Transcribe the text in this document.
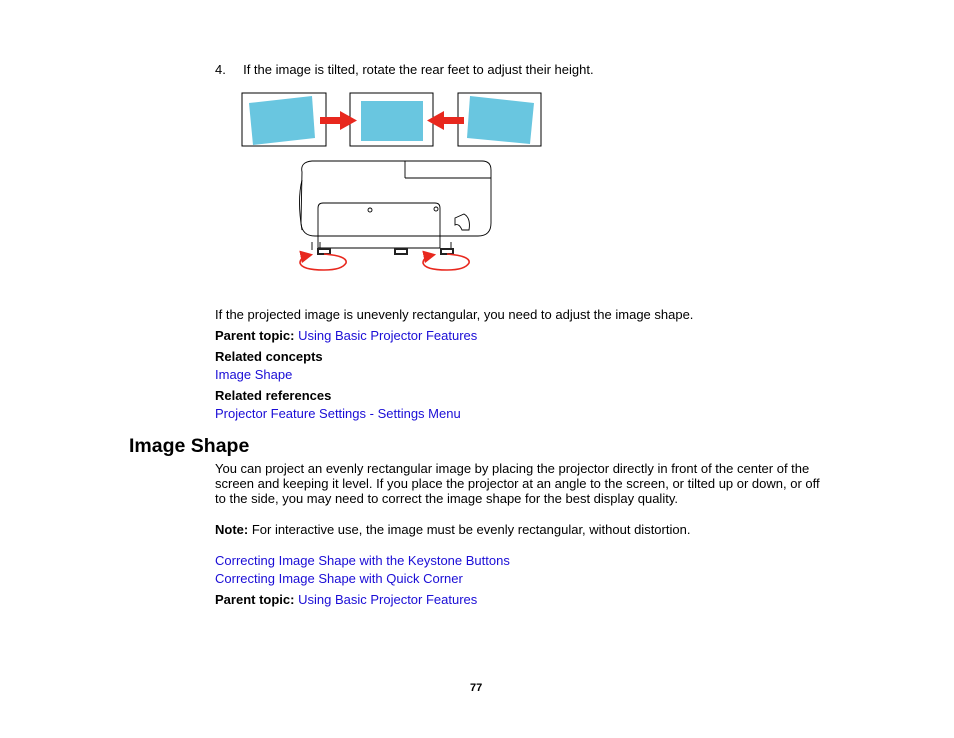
4. If the image is tilted, rotate the rear feet to adjust their height.
If the projected image is unevenly rectangular, you need to adjust the image shape.
Parent topic: Using Basic Projector Features
Related concepts
Image Shape
Related references
Projector Feature Settings - Settings Menu
Image Shape
You can project an evenly rectangular image by placing the projector directly in front of the center of the screen and keeping it level. If you place the projector at an angle to the screen, or tilted up or down, or off to the side, you may need to correct the image shape for the best display quality.
Note: For interactive use, the image must be evenly rectangular, without distortion.
Correcting Image Shape with the Keystone Buttons
Correcting Image Shape with Quick Corner
Parent topic: Using Basic Projector Features
77
